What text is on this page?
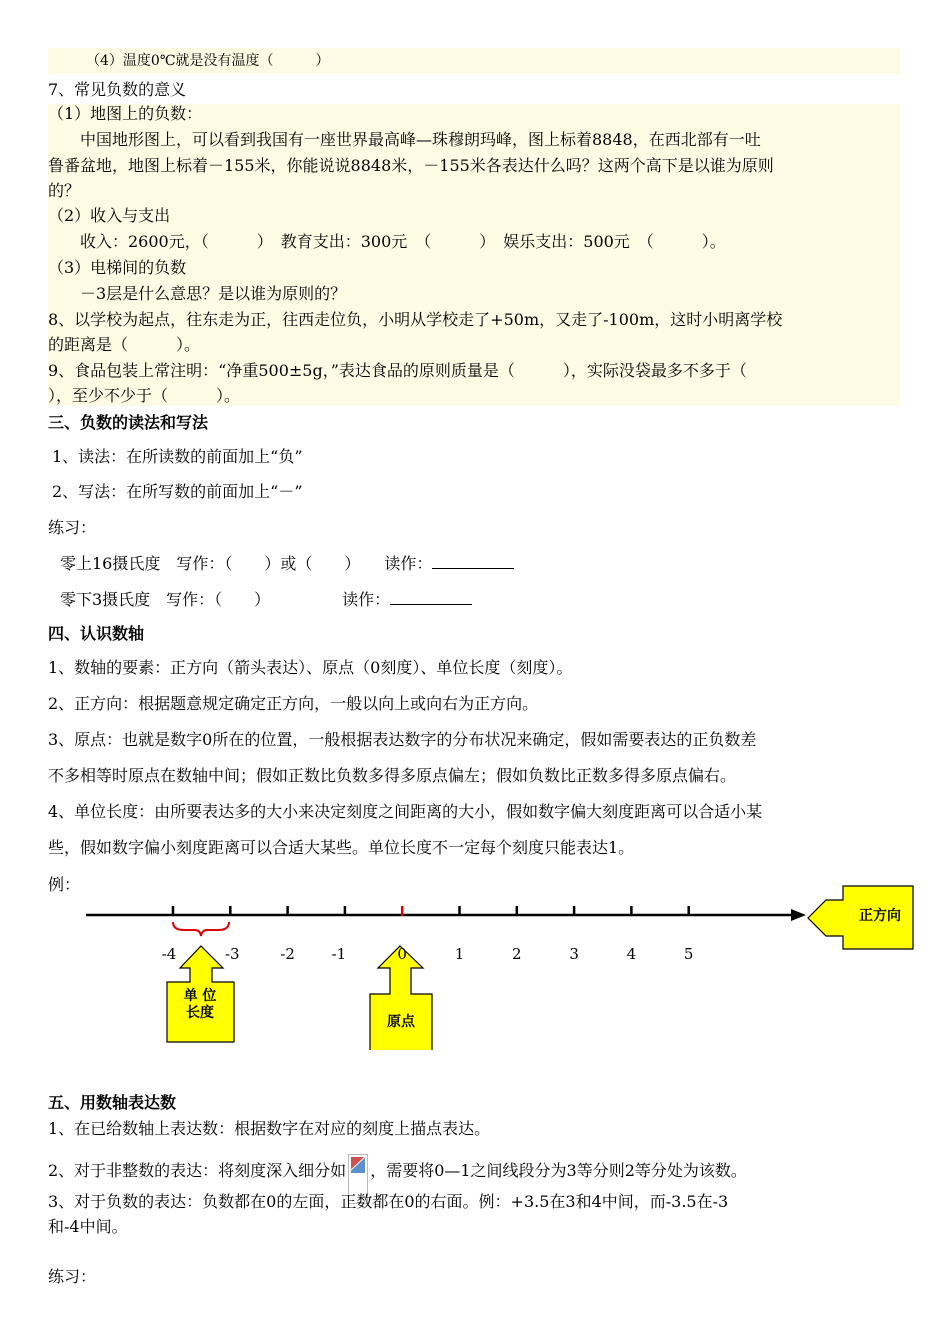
（4）温度0℃就是没有温度（　　　）
7、常见负数的意义
（1）地图上的负数：
　　中国地形图上，可以看到我国有一座世界最高峰—珠穆朗玛峰，图上标着8848，在西北部有一吐
鲁番盆地，地图上标着－155米，你能说说8848米，－155米各表达什么吗？这两个高下是以谁为原则
的？
（2）收入与支出
　　收入：2600元，（　　　）　教育支出：300元　（　　　）　娱乐支出：500元　（　　　）。
（3）电梯间的负数
　　－3层是什么意思？是以谁为原则的？
8、以学校为起点，往东走为正，往西走位负，小明从学校走了+50m，又走了-100m，这时小明离学校
的距离是（　　　）。
9、食品包装上常注明：“净重500±5g，”表达食品的原则质量是（　　　），实际没袋最多不多于（
），至少不少于（　　　）。
三、负数的读法和写法
1、读法：在所读数的前面加上“负”
2、写法：在所写数的前面加上“－”
练习：
零上16摄氏度　写作：（　　）或（　　）　　读作：
零下3摄氏度　写作：（　　）　　　　　读作：
四、认识数轴
1、数轴的要素：正方向（箭头表达）、原点（0刻度）、单位长度（刻度）。
2、正方向：根据题意规定确定正方向，一般以向上或向右为正方向。
3、原点：也就是数字0所在的位置，一般根据表达数字的分布状况来确定，假如需要表达的正负数差
不多相等时原点在数轴中间；假如正数比负数多得多原点偏左；假如负数比正数多得多原点偏右。
4、单位长度：由所要表达多的大小来决定刻度之间距离的大小，假如数字偏大刻度距离可以合适小某
些，假如数字偏小刻度距离可以合适大某些。单位长度不一定每个刻度只能表达1。
例：
单 位
长度
原点
正方向
-4	-3	-2 -1	0	1	2	3	4	5
五、用数轴表达数
1、在已给数轴上表达数：根据数字在对应的刻度上描点表达。
2、对于非整数的表达：将刻度深入细分如 ，需要将0—1之间线段分为3等分则2等分处为该数。
3、对于负数的表达：负数都在0的左面，正数都在0的右面。例：+3.5在3和4中间，而-3.5在-3
和-4中间。
练习：
